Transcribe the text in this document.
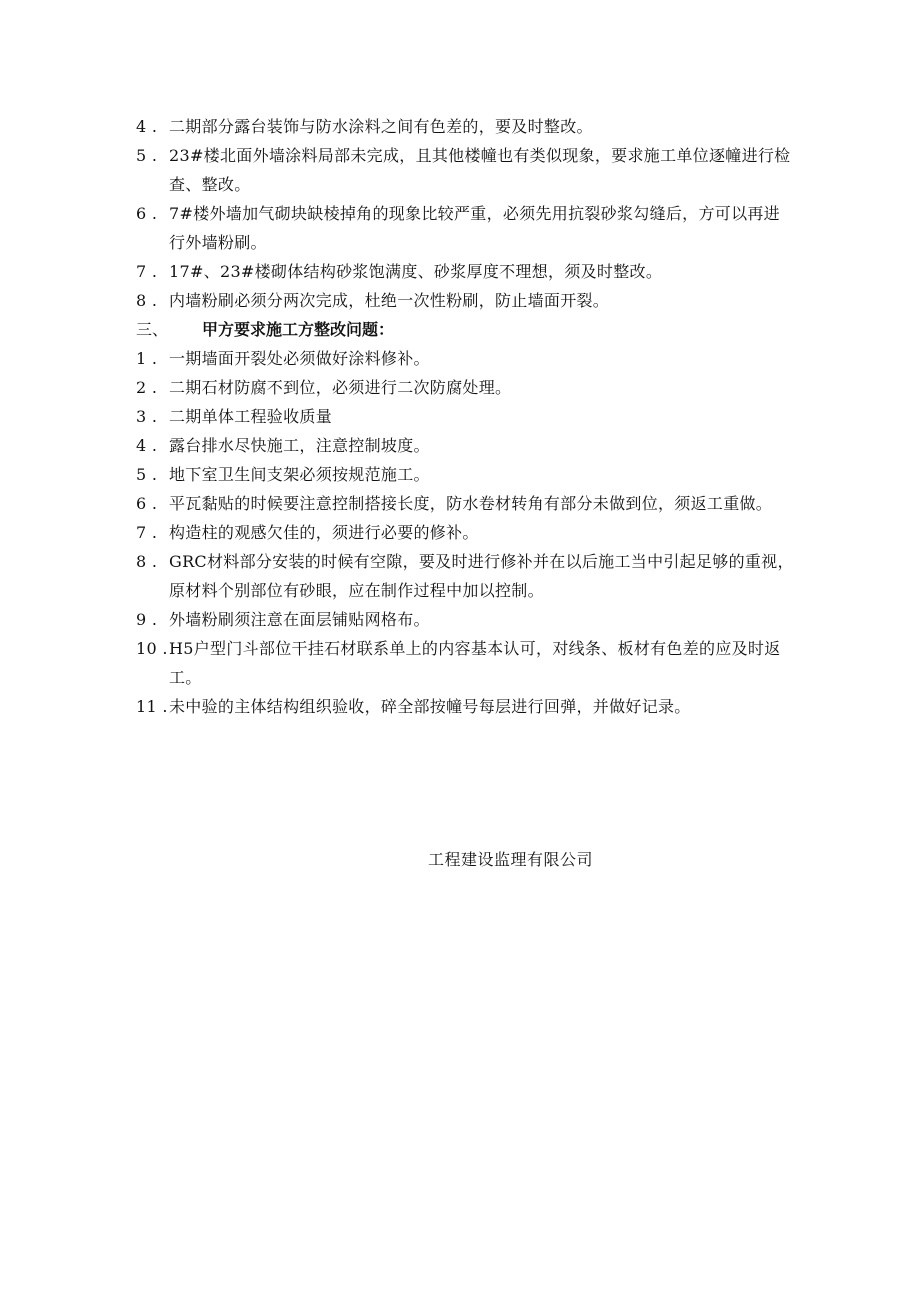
4 . 二期部分露台装饰与防水涂料之间有色差的，要及时整改。
5 . 23#楼北面外墙涂料局部未完成，且其他楼幢也有类似现象，要求施工单位逐幢进行检查、整改。
6 . 7#楼外墙加气砌块缺棱掉角的现象比较严重，必须先用抗裂砂浆勾缝后，方可以再进行外墙粉刷。
7 . 17#、23#楼砌体结构砂浆饱满度、砂浆厚度不理想，须及时整改。
8 . 内墙粉刷必须分两次完成，杜绝一次性粉刷，防止墙面开裂。
三、 甲方要求施工方整改问题：
1 . 一期墙面开裂处必须做好涂料修补。
2 . 二期石材防腐不到位，必须进行二次防腐处理。
3 . 二期单体工程验收质量
4 . 露台排水尽快施工，注意控制坡度。
5 . 地下室卫生间支架必须按规范施工。
6 . 平瓦黏贴的时候要注意控制搭接长度，防水卷材转角有部分未做到位，须返工重做。
7 . 构造柱的观感欠佳的，须进行必要的修补。
8 . GRC材料部分安装的时候有空隙，要及时进行修补并在以后施工当中引起足够的重视，原材料个别部位有砂眼，应在制作过程中加以控制。
9 . 外墙粉刷须注意在面层铺贴网格布。
10 . H5户型门斗部位干挂石材联系单上的内容基本认可，对线条、板材有色差的应及时返工。
11 . 未中验的主体结构组织验收，碎全部按幢号每层进行回弹，并做好记录。
工程建设监理有限公司
